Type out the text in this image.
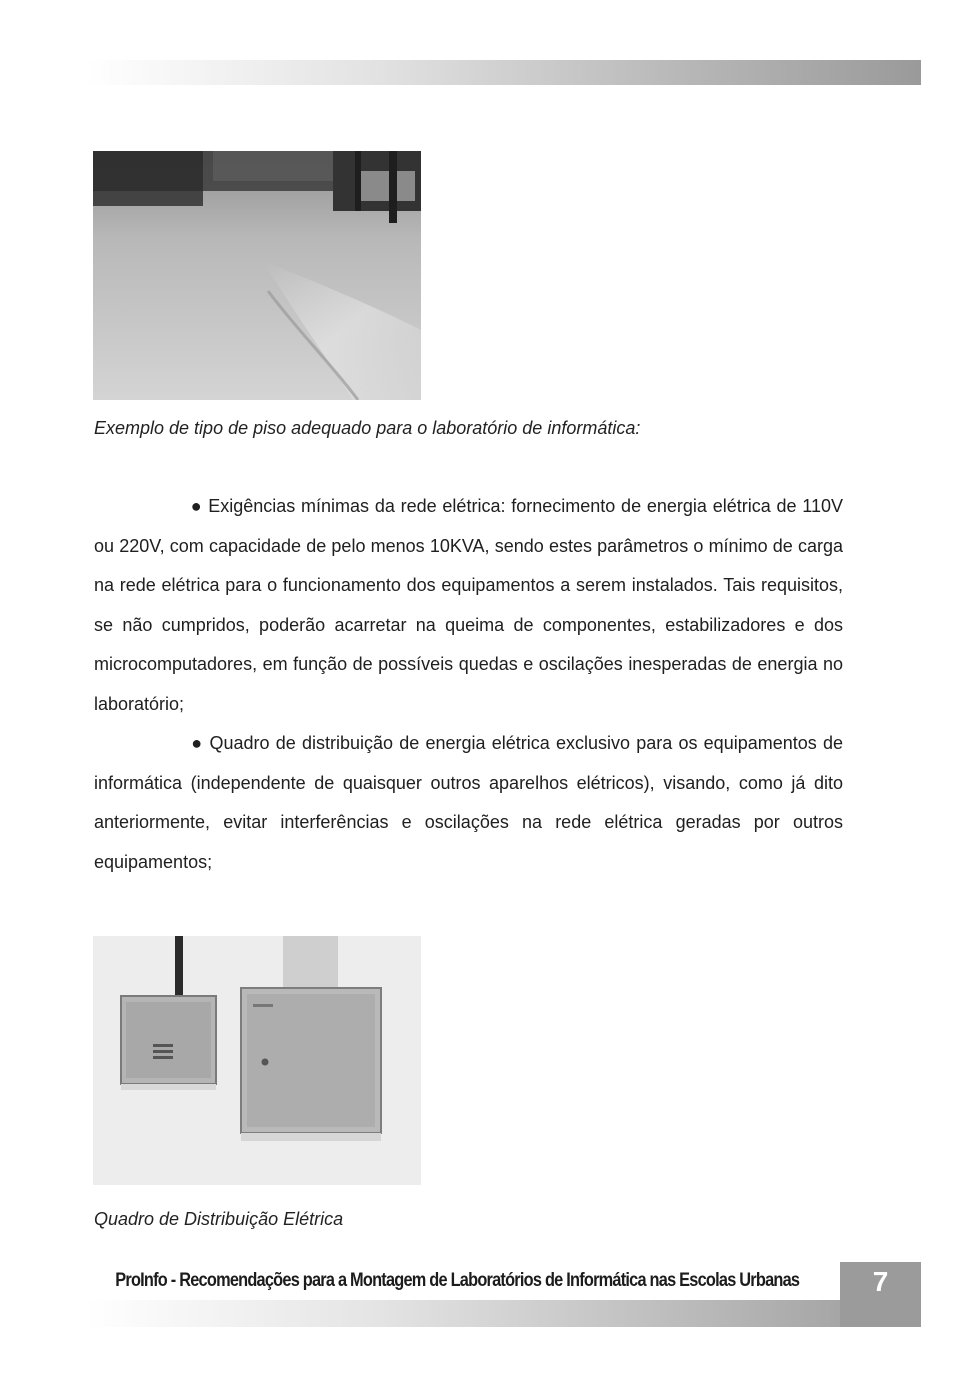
Exemplo de tipo de piso adequado para o laboratório de informática:

● Exigências mínimas da rede elétrica: fornecimento de energia elétrica de 110V ou 220V, com capacidade de pelo menos 10KVA, sendo estes parâmetros o mínimo de carga na rede elétrica para o funcionamento dos equipamentos a serem instalados. Tais requisitos, se não cumpridos, poderão acarretar na queima de componentes, estabilizadores e dos microcomputadores, em função de possíveis quedas e oscilações inesperadas de energia no laboratório;

● Quadro de distribuição de energia elétrica exclusivo para os equipamentos de informática (independente de quaisquer outros aparelhos elétricos), visando, como já dito anteriormente, evitar interferências e oscilações na rede elétrica geradas por outros equipamentos;

Quadro de Distribuição Elétrica
ProInfo - Recomendações para a Montagem de Laboratórios de Informática nas Escolas Urbanas	7
